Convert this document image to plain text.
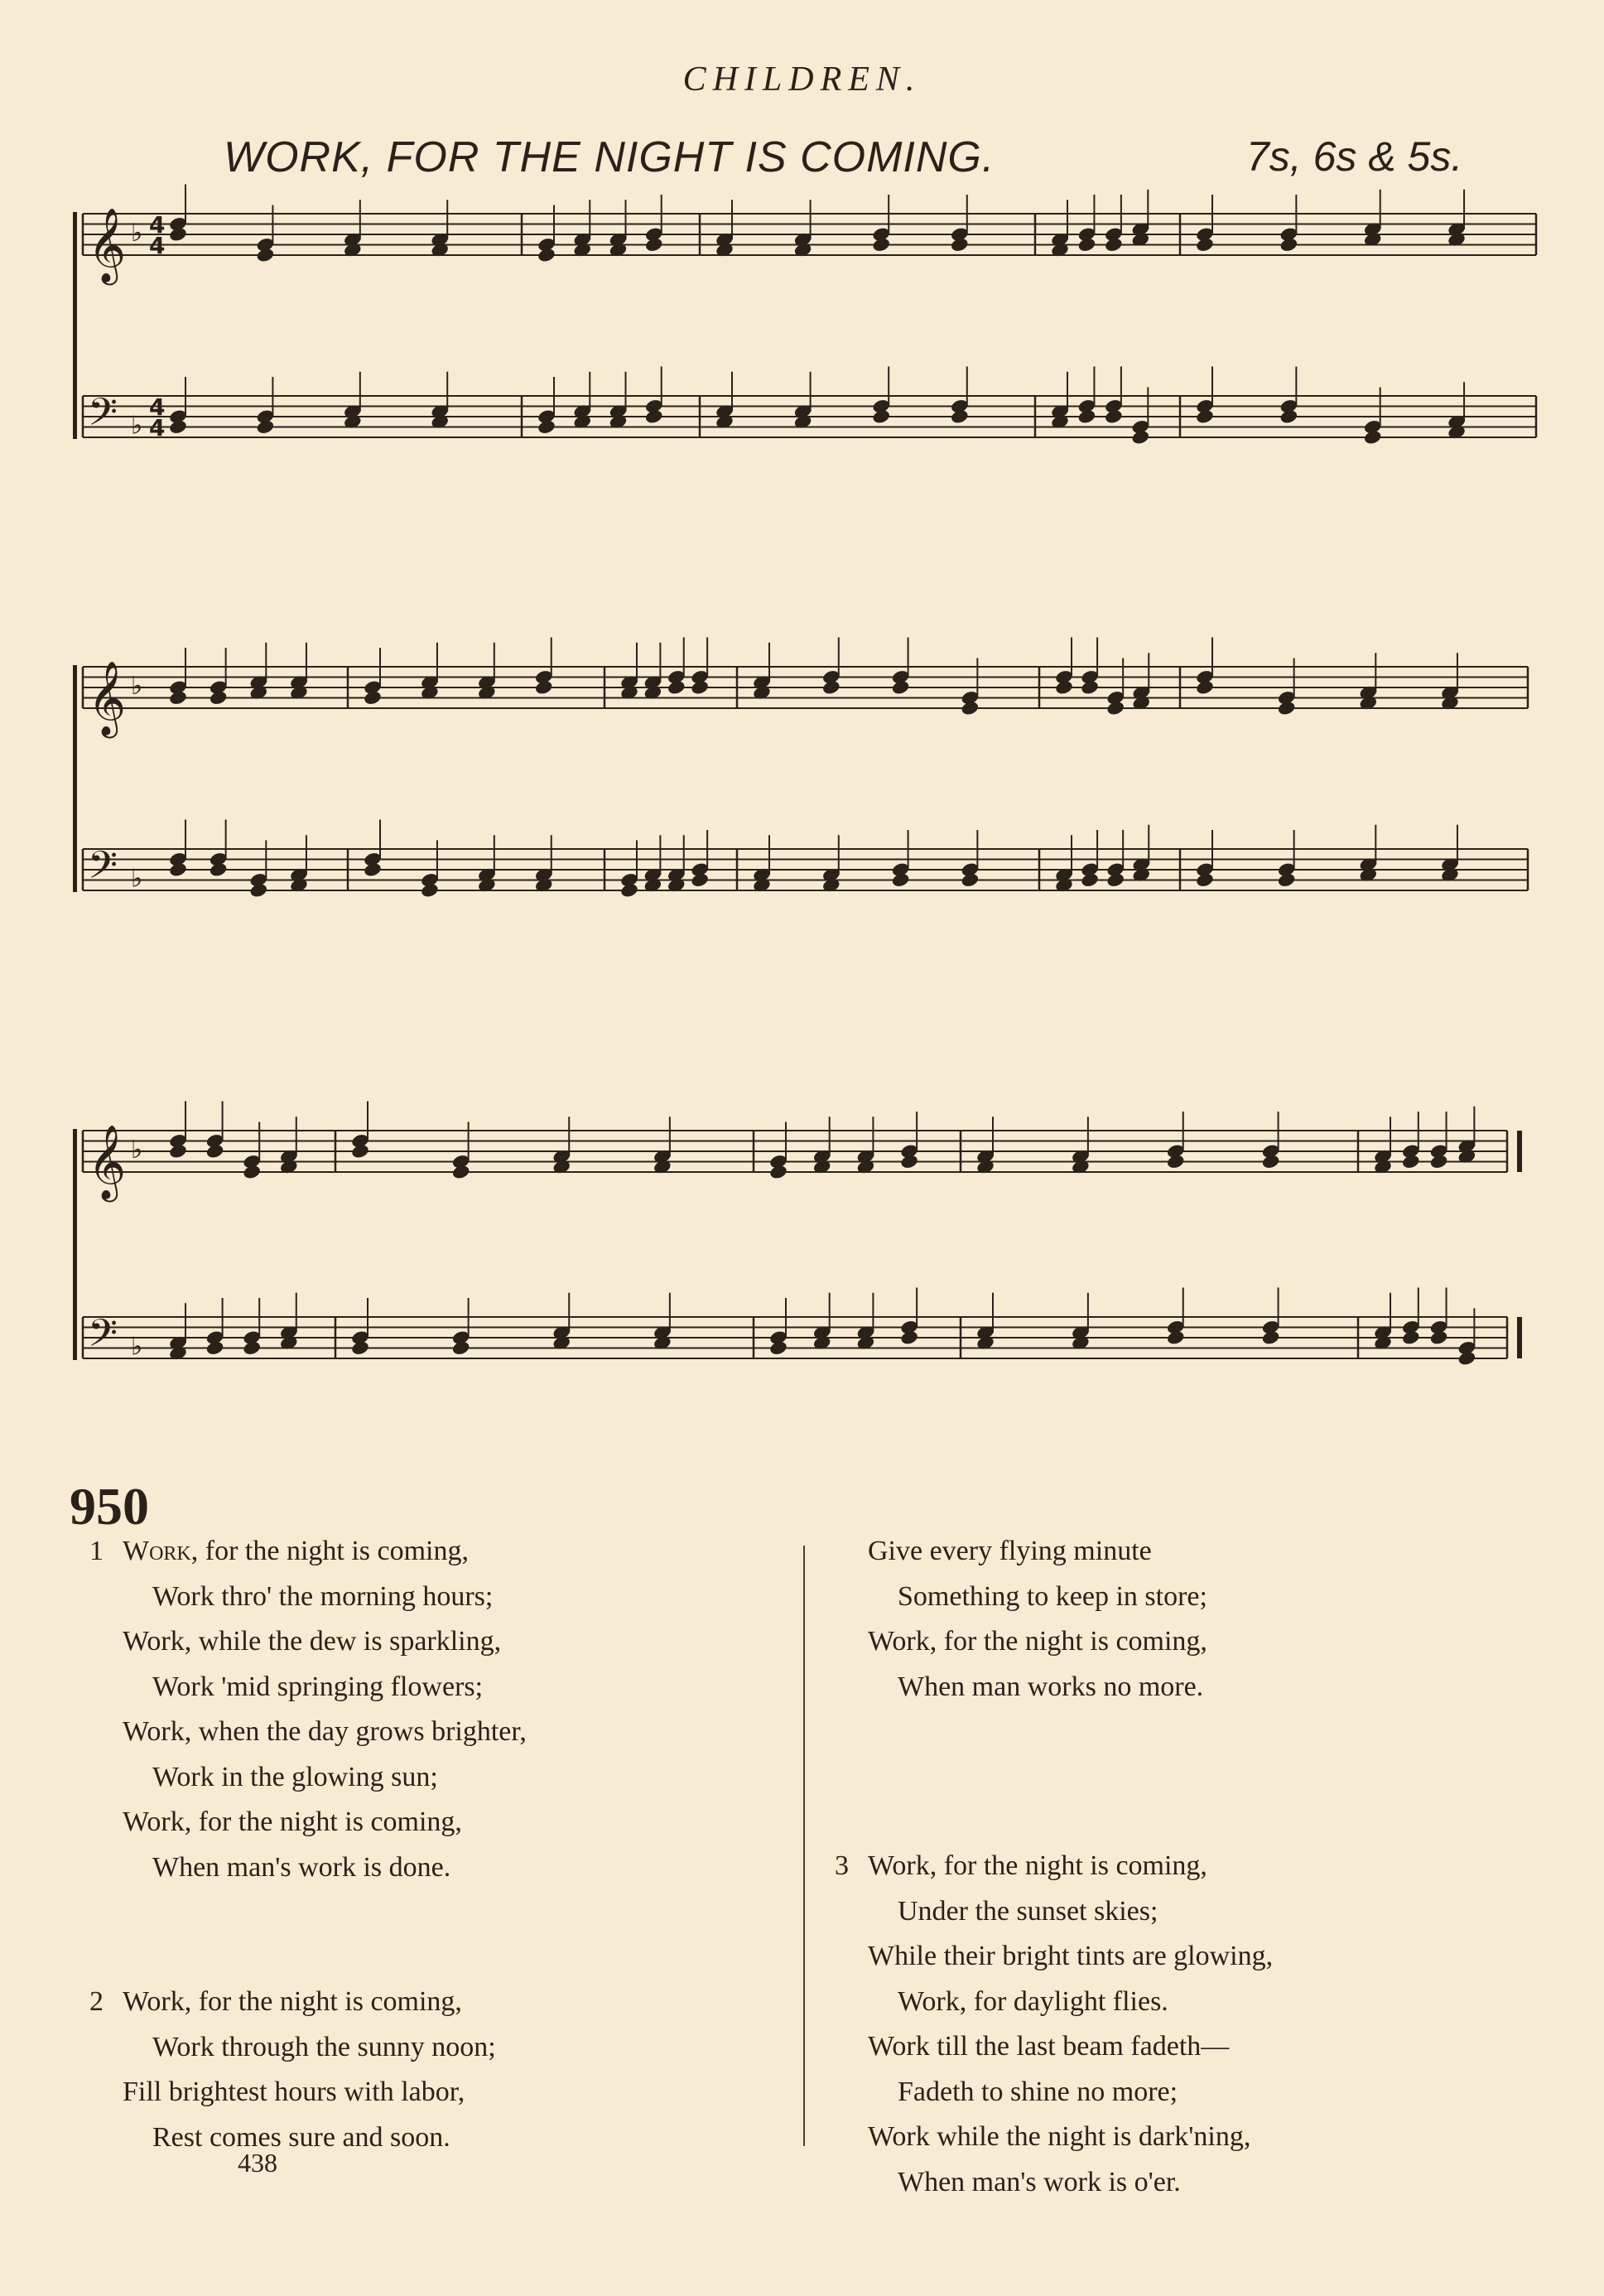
CHILDREN.
WORK, FOR THE NIGHT IS COMING.	7s, 6s & 5s.
𝄞 ♭ 4
4
𝄢 ♭
4
4
𝄞 ♭
𝄢 ♭
𝄞 ♭
𝄢 ♭
950
1 Work, for the night is coming,
Work thro' the morning hours;
Work, while the dew is sparkling,
Work 'mid springing flowers;
Work, when the day grows brighter,
Work in the glowing sun;
Work, for the night is coming,
When man's work is done.
2 Work, for the night is coming,
Work through the sunny noon;
Fill brightest hours with labor,
Rest comes sure and soon.
Give every flying minute
Something to keep in store;
Work, for the night is coming,
When man works no more.
3 Work, for the night is coming,
Under the sunset skies;
While their bright tints are glowing,
Work, for daylight flies.
Work till the last beam fadeth—
Fadeth to shine no more;
Work while the night is dark'ning,
When man's work is o'er.
438
